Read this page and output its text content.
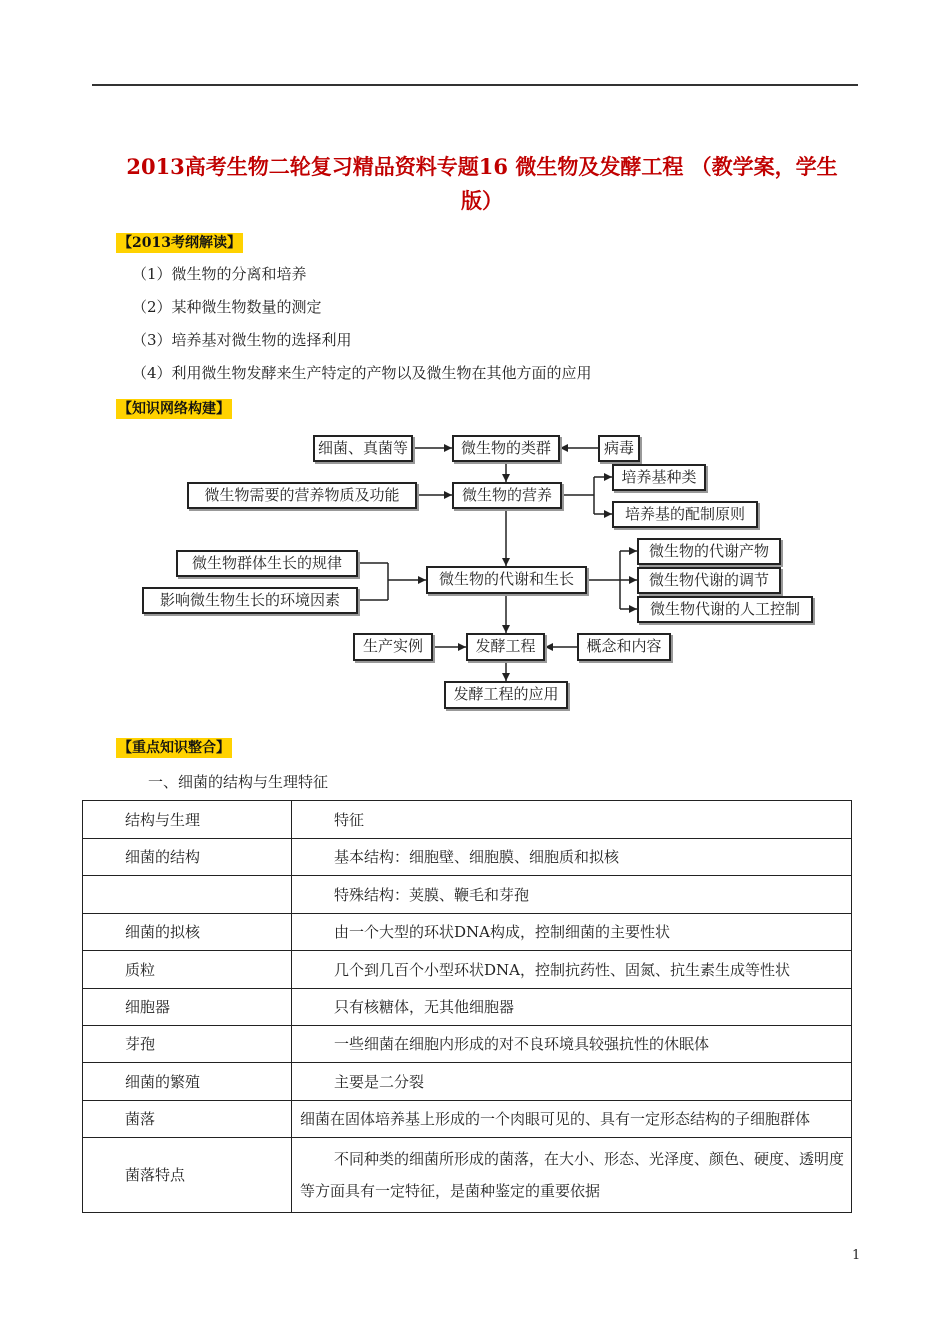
2013高考生物二轮复习精品资料专题16 微生物及发酵工程 （教学案，学生
版）
【2013考纲解读】
（1）微生物的分离和培养
（2）某种微生物数量的测定
（3）培养基对微生物的选择利用
（4）利用微生物发酵来生产特定的产物以及微生物在其他方面的应用
【知识网络构建】
细菌、真菌等	微生物的类群	病毒
微生物需要的营养物质及功能	微生物的营养
培养基种类
培养基的配制原则
微生物群体生长的规律
影响微生物生长的环境因素
微生物的代谢和生长
微生物的代谢产物
微生物代谢的调节
微生物代谢的人工控制
生产实例	发酵工程	概念和内容
发酵工程的应用
【重点知识整合】
一、细菌的结构与生理特征
结构与生理	特征
细菌的结构	基本结构：细胞壁、细胞膜、细胞质和拟核
	特殊结构：荚膜、鞭毛和芽孢
细菌的拟核	由一个大型的环状DNA构成，控制细菌的主要性状
质粒	几个到几百个小型环状DNA，控制抗药性、固氮、抗生素生成等性状
细胞器	只有核糖体，无其他细胞器
芽孢	一些细菌在细胞内形成的对不良环境具较强抗性的休眠体
细菌的繁殖	主要是二分裂
菌落	细菌在固体培养基上形成的一个肉眼可见的、具有一定形态结构的子细胞群体
菌落特点	不同种类的细菌所形成的菌落，在大小、形态、光泽度、颜色、硬度、透明度等方面具有一定特征，是菌种鉴定的重要依据
1
